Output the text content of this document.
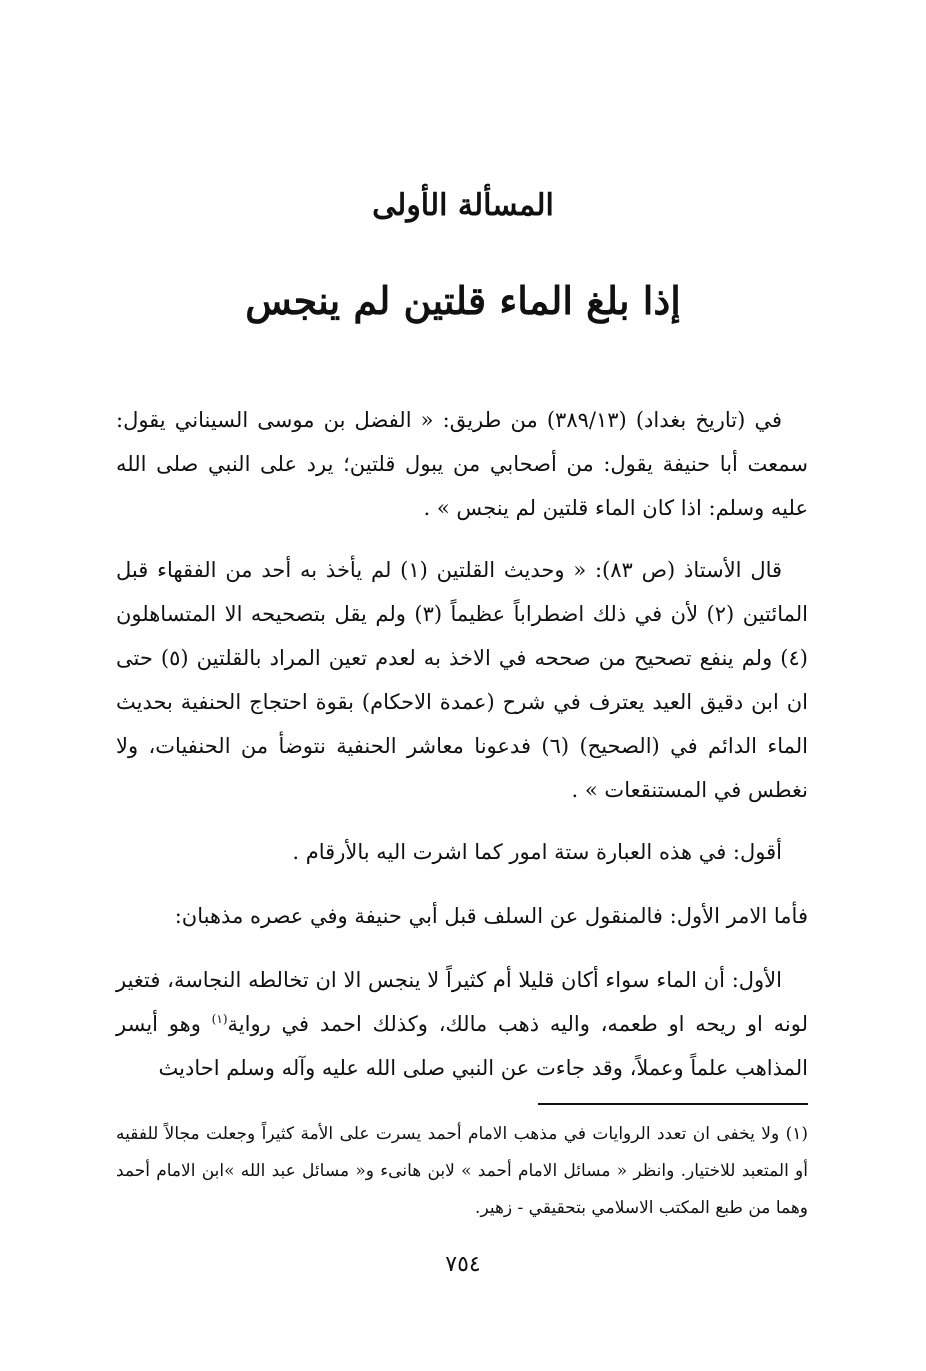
المسألة الأولى
إذا بلغ الماء قلتين لم ينجس

في (تاريخ بغداد) (٣٨٩/١٣) من طريق: « الفضل بن موسى السيناني يقول: سمعت أبا حنيفة يقول: من أصحابي من يبول قلتين؛ يرد على النبي صلى الله عليه وسلم: اذا كان الماء قلتين لم ينجس » .

قال الأستاذ (ص ٨٣): « وحديث القلتين (١) لم يأخذ به أحد من الفقهاء قبل المائتين (٢) لأن في ذلك اضطراباً عظيماً (٣) ولم يقل بتصحيحه الا المتساهلون (٤) ولم ينفع تصحيح من صححه في الاخذ به لعدم تعين المراد بالقلتين (٥) حتى ان ابن دقيق العيد يعترف في شرح (عمدة الاحكام) بقوة احتجاج الحنفية بحديث الماء الدائم في (الصحيح) (٦) فدعونا معاشر الحنفية نتوضأ من الحنفيات، ولا نغطس في المستنقعات » .

أقول: في هذه العبارة ستة امور كما اشرت اليه بالأرقام .

فأما الامر الأول: فالمنقول عن السلف قبل أبي حنيفة وفي عصره مذهبان:

الأول: أن الماء سواء أكان قليلا أم كثيراً لا ينجس الا ان تخالطه النجاسة، فتغير لونه او ريحه او طعمه، واليه ذهب مالك، وكذلك احمد في رواية$^{(١)}$ وهو أيسر المذاهب علماً وعملاً، وقد جاءت عن النبي صلى الله عليه وآله وسلم احاديث

(١) ولا يخفى ان تعدد الروايات في مذهب الامام أحمد يسرت على الأمة كثيراً وجعلت مجالاً للفقيه أو المتعبد للاختيار. وانظر « مسائل الامام أحمد » لابن هانىء و« مسائل عبد الله »ابن الامام أحمد وهما من طبع المكتب الاسلامي بتحقيقي - زهير.

٧٥٤
